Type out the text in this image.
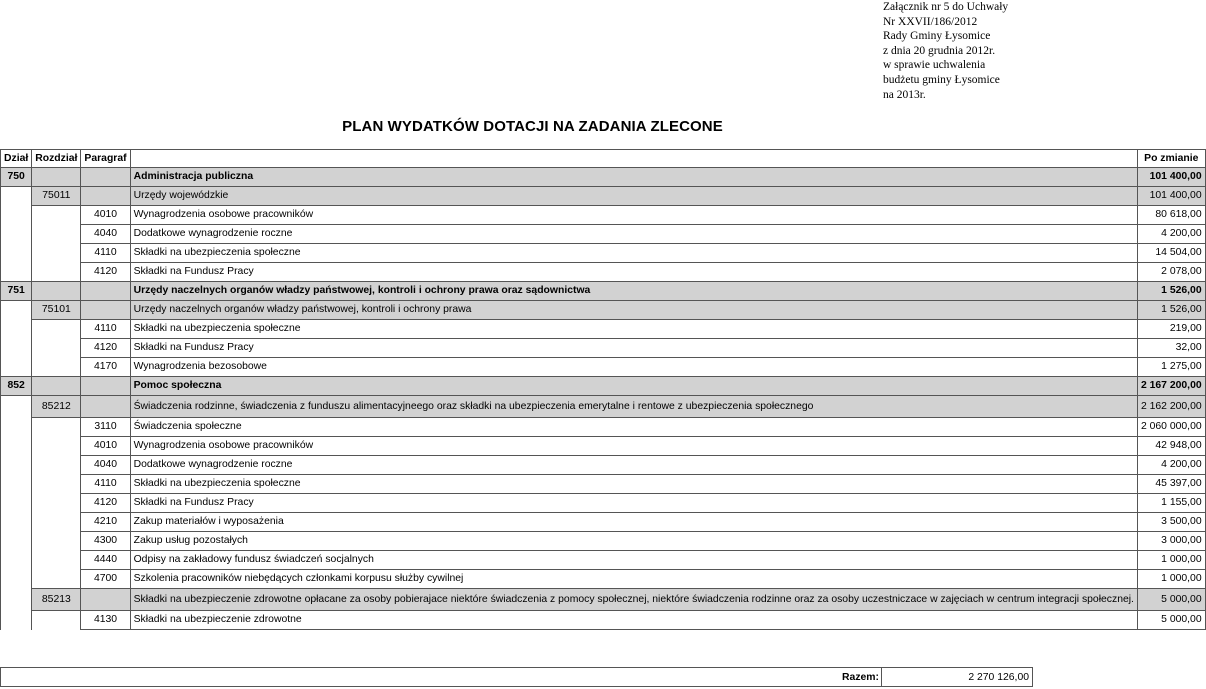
Załącznik nr 5 do Uchwały
Nr XXVII/186/2012
Rady Gminy Łysomice
z dnia 20 grudnia 2012r.
w sprawie uchwalenia
budżetu gminy Łysomice
na 2013r.
PLAN WYDATKÓW DOTACJI NA ZADANIA ZLECONE
Dział	Rozdział	Paragraf		Po zmianie
750			Administracja publiczna	101 400,00
	75011		Urzędy wojewódzkie	101 400,00
		4010	Wynagrodzenia osobowe pracowników	80 618,00
		4040	Dodatkowe wynagrodzenie roczne	4 200,00
		4110	Składki na ubezpieczenia społeczne	14 504,00
		4120	Składki na Fundusz Pracy	2 078,00
751			Urzędy naczelnych organów władzy państwowej, kontroli i ochrony prawa oraz sądownictwa	1 526,00
	75101		Urzędy naczelnych organów władzy państwowej, kontroli i ochrony prawa	1 526,00
		4110	Składki na ubezpieczenia społeczne	219,00
		4120	Składki na Fundusz Pracy	32,00
		4170	Wynagrodzenia bezosobowe	1 275,00
852			Pomoc społeczna	2 167 200,00
	85212		Świadczenia rodzinne, świadczenia z funduszu alimentacyjneego oraz składki na ubezpieczenia emerytalne i rentowe z ubezpieczenia społecznego	2 162 200,00
		3110	Świadczenia społeczne	2 060 000,00
		4010	Wynagrodzenia osobowe pracowników	42 948,00
		4040	Dodatkowe wynagrodzenie roczne	4 200,00
		4110	Składki na ubezpieczenia społeczne	45 397,00
		4120	Składki na Fundusz Pracy	1 155,00
		4210	Zakup materiałów i wyposażenia	3 500,00
		4300	Zakup usług pozostałych	3 000,00
		4440	Odpisy na zakładowy fundusz świadczeń socjalnych	1 000,00
		4700	Szkolenia pracowników niebędących członkami korpusu służby cywilnej	1 000,00
	85213		Składki na ubezpieczenie zdrowotne opłacane za osoby pobierajace niektóre świadczenia z pomocy społecznej, niektóre świadczenia rodzinne oraz za osoby uczestniczace w zajęciach w centrum integracji społecznej.	5 000,00
		4130	Składki na ubezpieczenie zdrowotne	5 000,00
Razem:	2 270 126,00
